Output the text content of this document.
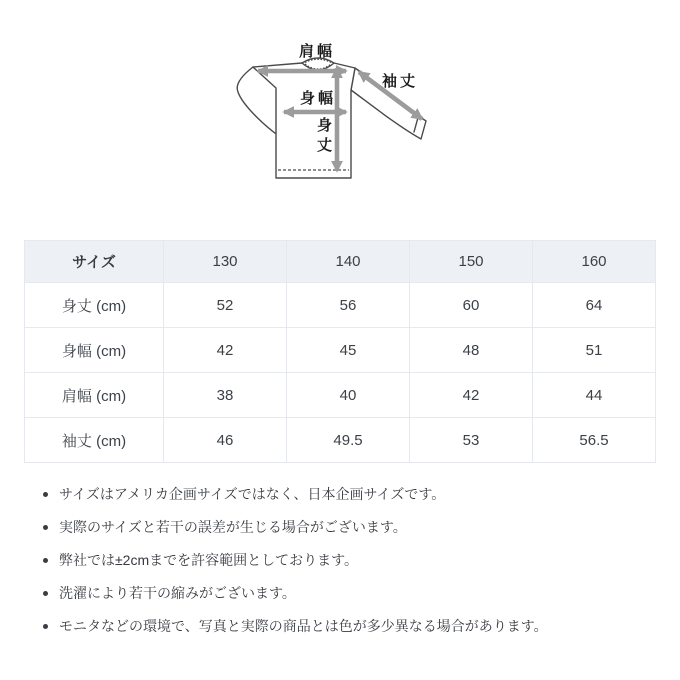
肩幅
袖丈
身幅
身丈
サイズ	130	140	150	160
身丈 (cm)	52	56	60	64
身幅 (cm)	42	45	48	51
肩幅 (cm)	38	40	42	44
袖丈 (cm)	46	49.5	53	56.5
サイズはアメリカ企画サイズではなく、日本企画サイズです。
実際のサイズと若干の誤差が生じる場合がございます。
弊社では±2cmまでを許容範囲としております。
洗濯により若干の縮みがございます。
モニタなどの環境で、写真と実際の商品とは色が多少異なる場合があります。
